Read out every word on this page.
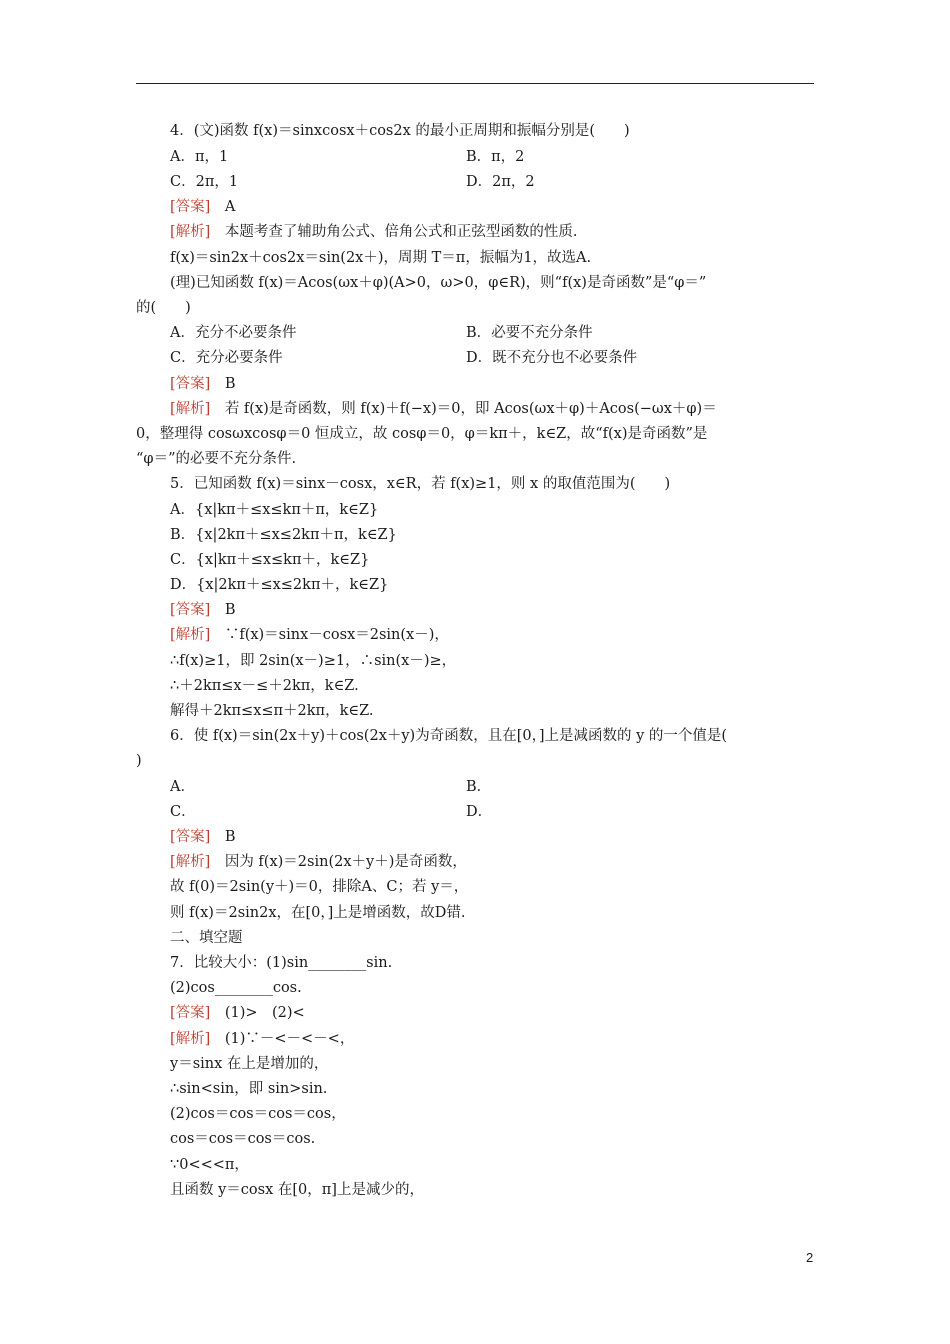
4．(文)函数 f(x)＝sinxcosx＋cos2x 的最小正周期和振幅分别是(　　)
A．π，1	B．π，2
C．2π，1	D．2π，2
[答案]　A
[解析]　本题考查了辅助角公式、倍角公式和正弦型函数的性质.
f(x)＝sin2x＋cos2x＝sin(2x＋)，周期 T＝π，振幅为1，故选A.
(理)已知函数 f(x)＝Acos(ωx＋φ)(A>0，ω>0，φ∈R)，则“f(x)是奇函数”是“φ＝”
的(　　)
A．充分不必要条件	B．必要不充分条件
C．充分必要条件	D．既不充分也不必要条件
[答案]　B
[解析]　若 f(x)是奇函数，则 f(x)＋f(−x)＝0，即 Acos(ωx＋φ)＋Acos(−ωx＋φ)＝
0，整理得 cosωxcosφ＝0 恒成立，故 cosφ＝0，φ＝kπ＋，k∈Z，故“f(x)是奇函数”是
“φ＝”的必要不充分条件.
5．已知函数 f(x)＝sinx－cosx，x∈R，若 f(x)≥1，则 x 的取值范围为(　　)
A．{x|kπ＋≤x≤kπ＋π，k∈Z}
B．{x|2kπ＋≤x≤2kπ＋π，k∈Z}
C．{x|kπ＋≤x≤kπ＋，k∈Z}
D．{x|2kπ＋≤x≤2kπ＋，k∈Z}
[答案]　B
[解析]　∵f(x)＝sinx－cosx＝2sin(x－)，
∴f(x)≥1，即 2sin(x－)≥1，∴sin(x－)≥，
∴＋2kπ≤x－≤＋2kπ，k∈Z.
解得＋2kπ≤x≤π＋2kπ，k∈Z.
6．使 f(x)＝sin(2x＋y)＋cos(2x＋y)为奇函数，且在[0，]上是减函数的 y 的一个值是(
)
A．	B．
C．	D．
[答案]　B
[解析]　因为 f(x)＝2sin(2x＋y＋)是奇函数，
故 f(0)＝2sin(y＋)＝0，排除A、C；若 y＝，
则 f(x)＝2sin2x，在[0，]上是增函数，故D错.
二、填空题
7．比较大小：(1)sin________sin.
(2)cos________cos.
[答案]　(1)>　(2)<
[解析]　(1)∵－<－<－<，
y＝sinx 在上是增加的，
∴sin<sin，即 sin>sin.
(2)cos＝cos＝cos＝cos，
cos＝cos＝cos＝cos.
∵0<<<π，
且函数 y＝cosx 在[0，π]上是减少的，
2
